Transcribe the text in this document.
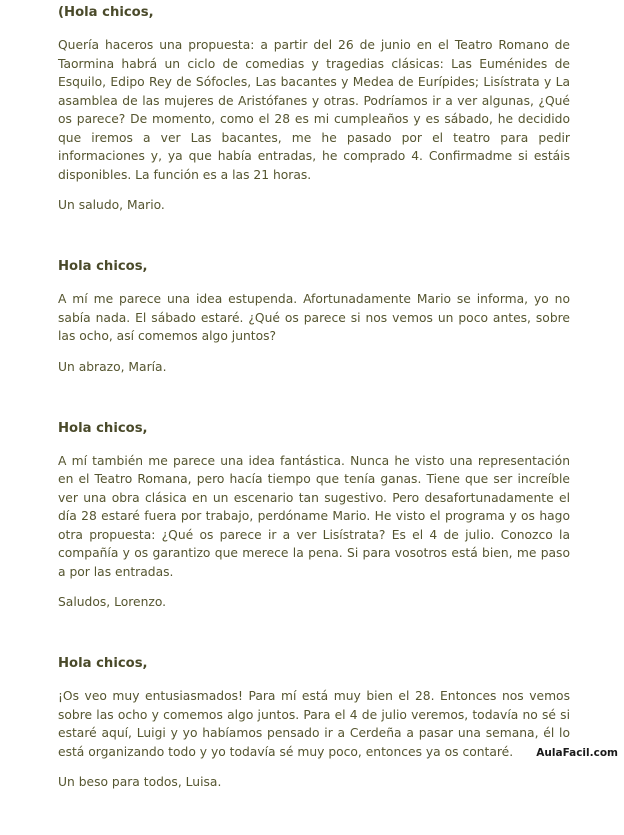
(Hola chicos,

Quería haceros una propuesta: a partir del 26 de junio en el Teatro Romano de Taormina habrá un ciclo de comedias y tragedias clásicas: Las Euménides de Esquilo, Edipo Rey de Sófocles, Las bacantes y Medea de Eurípides; Lisístrata y La asamblea de las mujeres de Aristófanes y otras. Podríamos ir a ver algunas, ¿Qué os parece? De momento, como el 28 es mi cumpleaños y es sábado, he decidido que iremos a ver Las bacantes, me he pasado por el teatro para pedir informaciones y, ya que había entradas, he comprado 4. Confirmadme si estáis disponibles. La función es a las 21 horas.

Un saludo, Mario.

Hola chicos,

A mí me parece una idea estupenda. Afortunadamente Mario se informa, yo no sabía nada. El sábado estaré. ¿Qué os parece si nos vemos un poco antes, sobre las ocho, así comemos algo juntos?

Un abrazo, María.

Hola chicos,

A mí también me parece una idea fantástica. Nunca he visto una representación en el Teatro Romana, pero hacía tiempo que tenía ganas. Tiene que ser increíble ver una obra clásica en un escenario tan sugestivo. Pero desafortunadamente el día 28 estaré fuera por trabajo, perdóname Mario. He visto el programa y os hago otra propuesta: ¿Qué os parece ir a ver Lisístrata? Es el 4 de julio. Conozco la compañía y os garantizo que merece la pena. Si para vosotros está bien, me paso a por las entradas.

Saludos, Lorenzo.

Hola chicos,

¡Os veo muy entusiasmados! Para mí está muy bien el 28. Entonces nos vemos sobre las ocho y comemos algo juntos. Para el 4 de julio veremos, todavía no sé si estaré aquí, Luigi y yo habíamos pensado ir a Cerdeña a pasar una semana, él lo está organizando todo y yo todavía sé muy poco, entonces ya os contaré.

Un beso para todos, Luisa.

AulaFacil.com
